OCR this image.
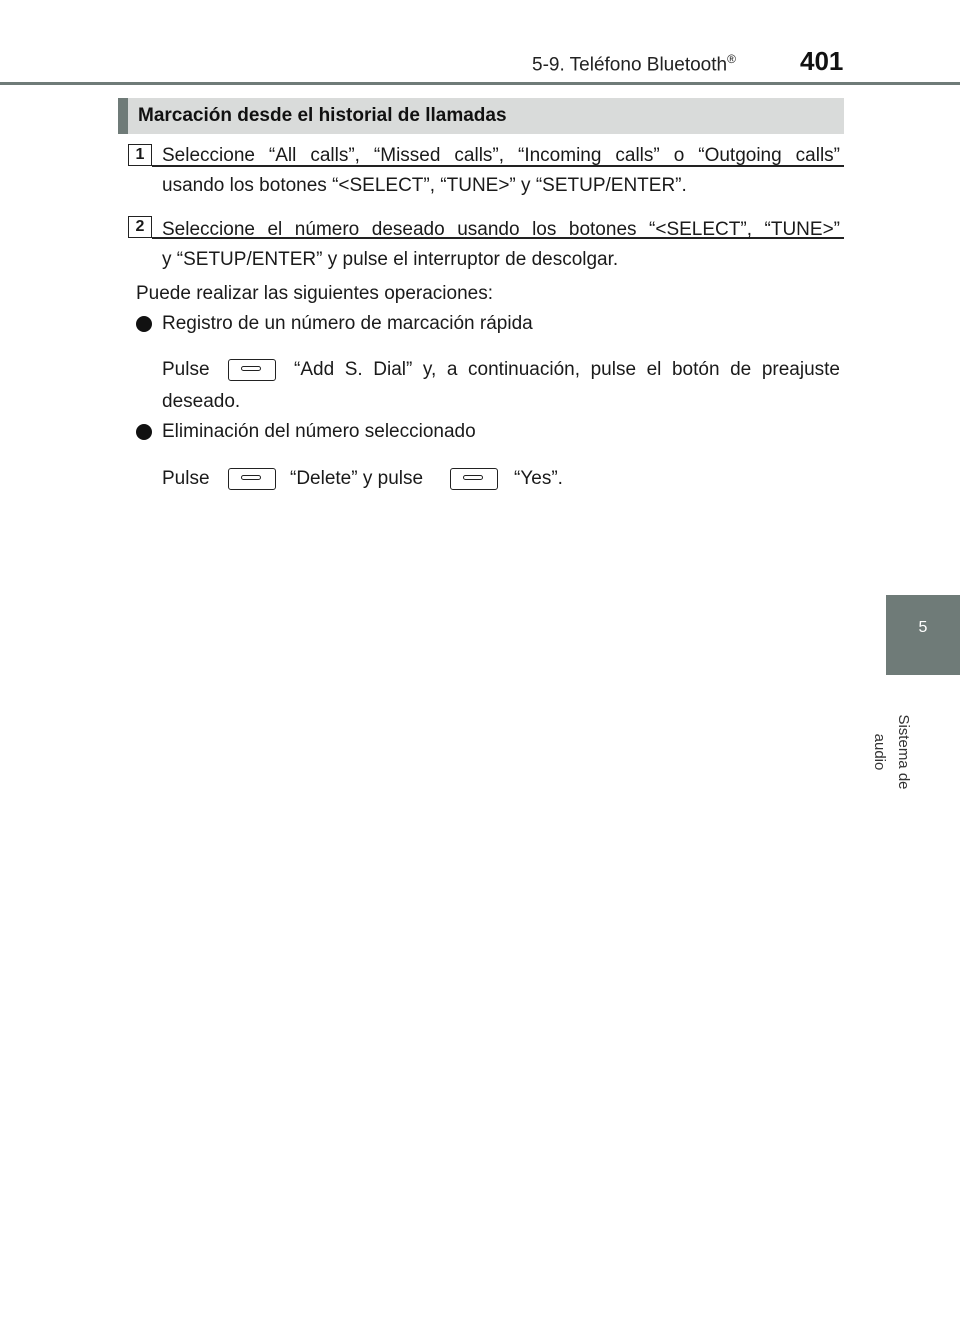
5-9. Teléfono Bluetooth® 401
5
Sistema de audio
Marcación desde el historial de llamadas
1 Seleccione “All calls”, “Missed calls”, “Incoming calls” o “Outgoing calls”
usando los botones “<SELECT”, “TUNE>” y “SETUP/ENTER”.
2 Seleccione el número deseado usando los botones “<SELECT”, “TUNE>”
y “SETUP/ENTER” y pulse el interruptor de descolgar.
Puede realizar las siguientes operaciones:
Registro de un número de marcación rápida
Pulse	“Add S. Dial” y, a continuación, pulse el botón de preajuste
deseado.
Eliminación del número seleccionado
Pulse	“Delete” y pulse	“Yes”.
